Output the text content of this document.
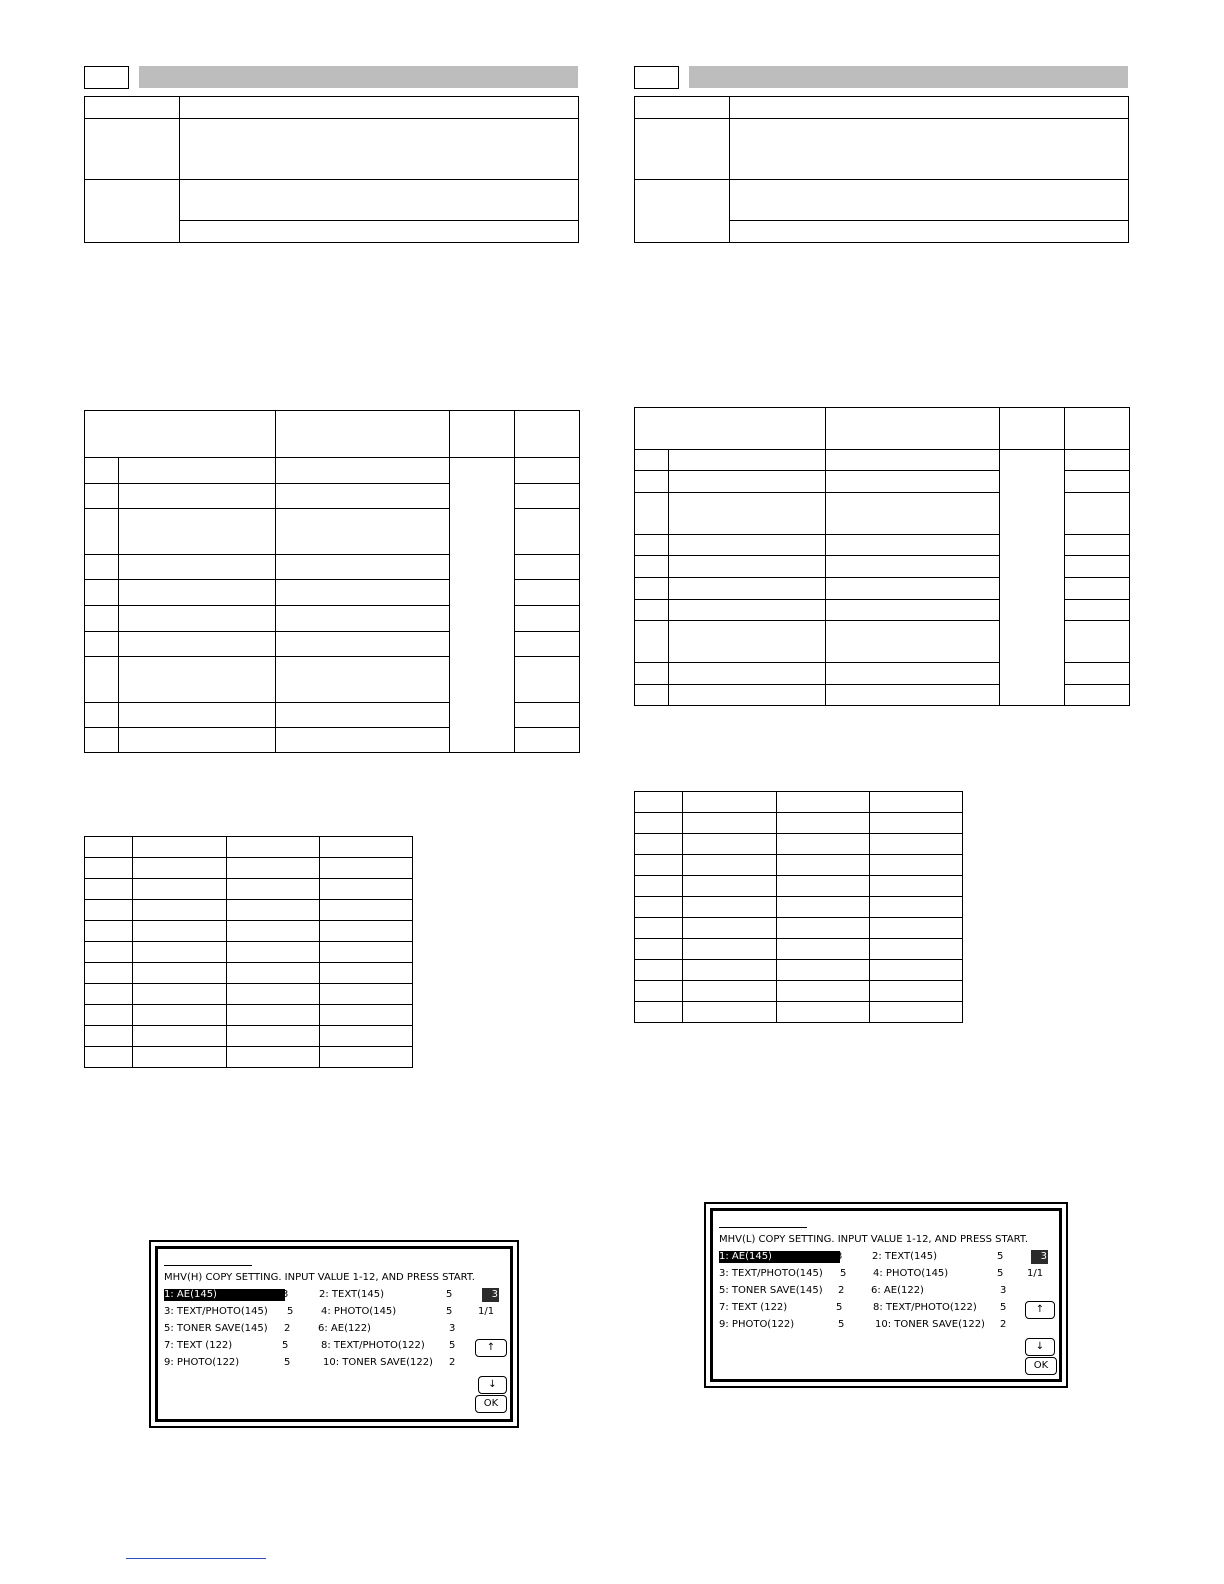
MHV(H) COPY SETTING. INPUT VALUE 1-12, AND PRESS START.
1: AE(145)	3	2: TEXT(145)	5
3: TEXT/PHOTO(145) 5	4: PHOTO(145)	5
5: TONER SAVE(145) 2	6: AE(122)	3
7: TEXT (122)	5	8: TEXT/PHOTO(122) 5
9: PHOTO(122)	5	10: TONER SAVE(122) 2
3
1/1
↑
↓
OK

MHV(L) COPY SETTING. INPUT VALUE 1-12, AND PRESS START.
1: AE(145)	3	2: TEXT(145)	5
3: TEXT/PHOTO(145) 5	4: PHOTO(145)	5
5: TONER SAVE(145) 2	6: AE(122)	3
7: TEXT (122)	5	8: TEXT/PHOTO(122) 5
9: PHOTO(122)	5	10: TONER SAVE(122) 2
3
1/1
↑
↓
OK
